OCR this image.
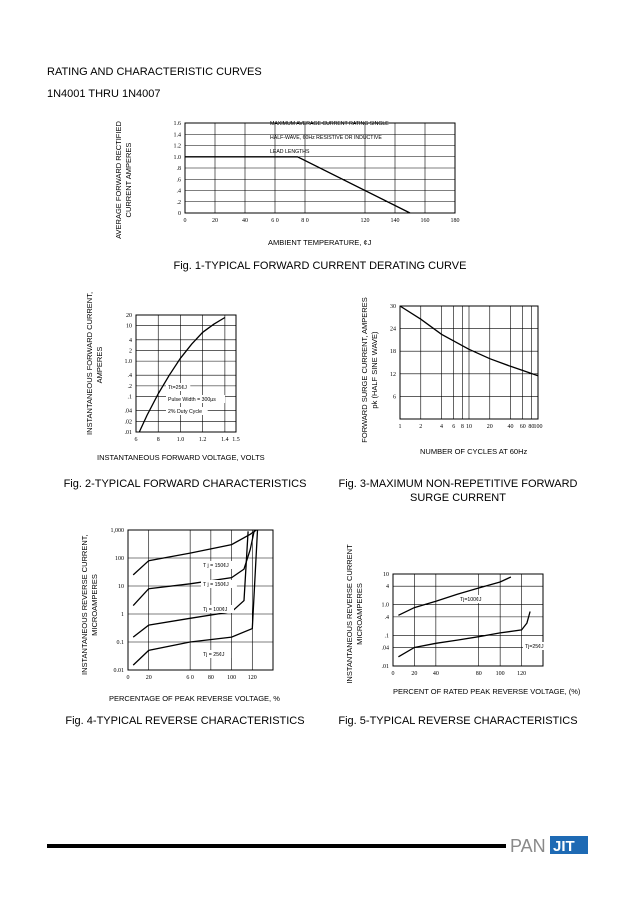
RATING AND CHARACTERISTIC CURVES
1N4001 THRU 1N4007
AVERAGE FORWARD RECTIFIED CURRENT AMPERES
0	20	40	6 0	8 0	120	140	160	180
0
.2
.4
.6
.8
1.0
1.2
1.4
1.6	MAXIMUM AVERAGE CURRENT RATING SINGLE
HALF-WAVE, 60Hz RESISTIVE OR INDUCTIVE
LEAD LENGTHS
AMBIENT TEMPERATURE, ¢J
Fig. 1-TYPICAL FORWARD CURRENT DERATING CURVE
INSTANTANEOUS FORWARD CURRENT, AMPERES
6	8	1.0 1.2 1.4 1.5
.01
.02
.04
.1
.2
.4
1.0
2
4
10
20
Tt=25¢J
Pulse Width = 300µs
2% Duty Cycle
INSTANTANEOUS FORWARD VOLTAGE, VOLTS
Fig. 2-TYPICAL FORWARD CHARACTERISTICS
FORWARD SURGE CURRENT, AMPERES pk (HALF SINE WAVE)
1	2	4 6 8 10 20 40 60 80 100
6
12
18
24
30
NUMBER OF CYCLES AT 60Hz
Fig. 3-MAXIMUM NON-REPETITIVE FORWARD SURGE CURRENT
INSTANTANEOUS REVERSE CURRENT, MICROAMPERES
0	20	6 0 80 100 120
0.01
0.1
1
10
100
1,000
T j = 150¢J
T j = 150¢J
Tj = 100¢J
Tj = 25¢J
PERCENTAGE OF PEAK REVERSE VOLTAGE, %
Fig. 4-TYPICAL REVERSE CHARACTERISTICS
INSTANTANEOUS REVERSE CURRENT MICROAMPERES
0	20	40	80 100 120
.01
.04
.1
.4
1.0
4
10
Tj=100¢J
Tj=25¢J
PERCENT OF RATED PEAK REVERSE VOLTAGE, (%)
Fig. 5-TYPICAL REVERSE CHARACTERISTICS
PAN JIT
